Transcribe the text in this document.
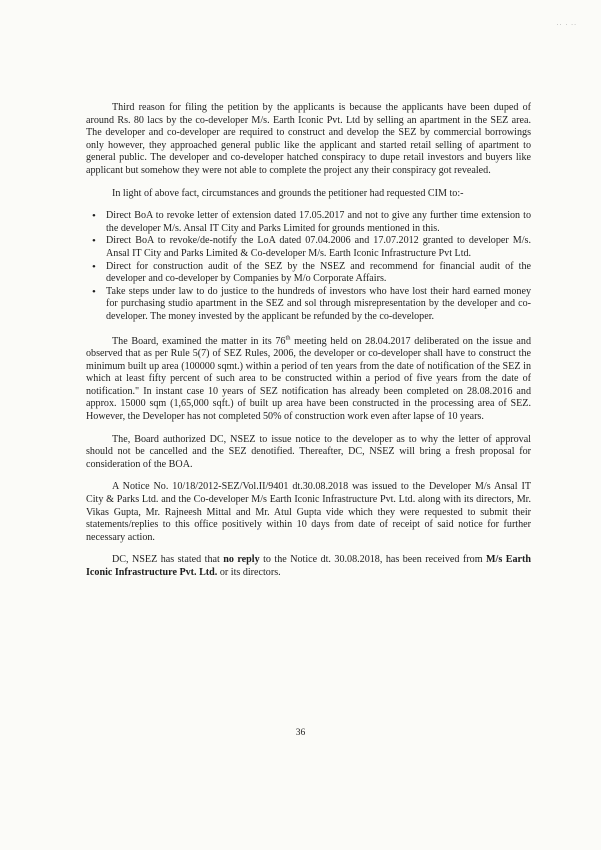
·· · ··

Third reason for filing the petition by the applicants is because the applicants have been duped of around Rs. 80 lacs by the co-developer M/s. Earth Iconic Pvt. Ltd by selling an apartment in the SEZ area. The developer and co-developer are required to construct and develop the SEZ by commercial borrowings only however, they approached general public like the applicant and started retail selling of apartment to general public. The developer and co-developer hatched conspiracy to dupe retail investors and buyers like applicant but somehow they were not able to complete the project any their conspiracy got revealed.

In light of above fact, circumstances and grounds the petitioner had requested CIM to:-

• Direct BoA to revoke letter of extension dated 17.05.2017 and not to give any further time extension to the developer M/s. Ansal IT City and Parks Limited for grounds mentioned in this.
• Direct BoA to revoke/de-notify the LoA dated 07.04.2006 and 17.07.2012 granted to developer M/s. Ansal IT City and Parks Limited & Co-developer M/s. Earth Iconic Infrastructure Pvt Ltd.
• Direct for construction audit of the SEZ by the NSEZ and recommend for financial audit of the developer and co-developer by Companies by M/o Corporate Affairs.
• Take steps under law to do justice to the hundreds of investors who have lost their hard earned money for purchasing studio apartment in the SEZ and sol through misrepresentation by the developer and co-developer. The money invested by the applicant be refunded by the co-developer.

The Board, examined the matter in its 76th meeting held on 28.04.2017 deliberated on the issue and observed that as per Rule 5(7) of SEZ Rules, 2006, the developer or co-developer shall have to construct the minimum built up area (100000 sqmt.) within a period of ten years from the date of notification of the SEZ in which at least fifty percent of such area to be constructed within a period of five years from the date of notification." In instant case 10 years of SEZ notification has already been completed on 28.08.2016 and approx. 15000 sqm (1,65,000 sqft.) of built up area have been constructed in the processing area of SEZ. However, the Developer has not completed 50% of construction work even after lapse of 10 years.

The, Board authorized DC, NSEZ to issue notice to the developer as to why the letter of approval should not be cancelled and the SEZ denotified. Thereafter, DC, NSEZ will bring a fresh proposal for consideration of the BOA.

A Notice No. 10/18/2012-SEZ/Vol.II/9401 dt.30.08.2018 was issued to the Developer M/s Ansal IT City & Parks Ltd. and the Co-developer M/s Earth Iconic Infrastructure Pvt. Ltd. along with its directors, Mr. Vikas Gupta, Mr. Rajneesh Mittal and Mr. Atul Gupta vide which they were requested to submit their statements/replies to this office positively within 10 days from date of receipt of said notice for further necessary action.

DC, NSEZ has stated that no reply to the Notice dt. 30.08.2018, has been received from M/s Earth Iconic Infrastructure Pvt. Ltd. or its directors.

36
